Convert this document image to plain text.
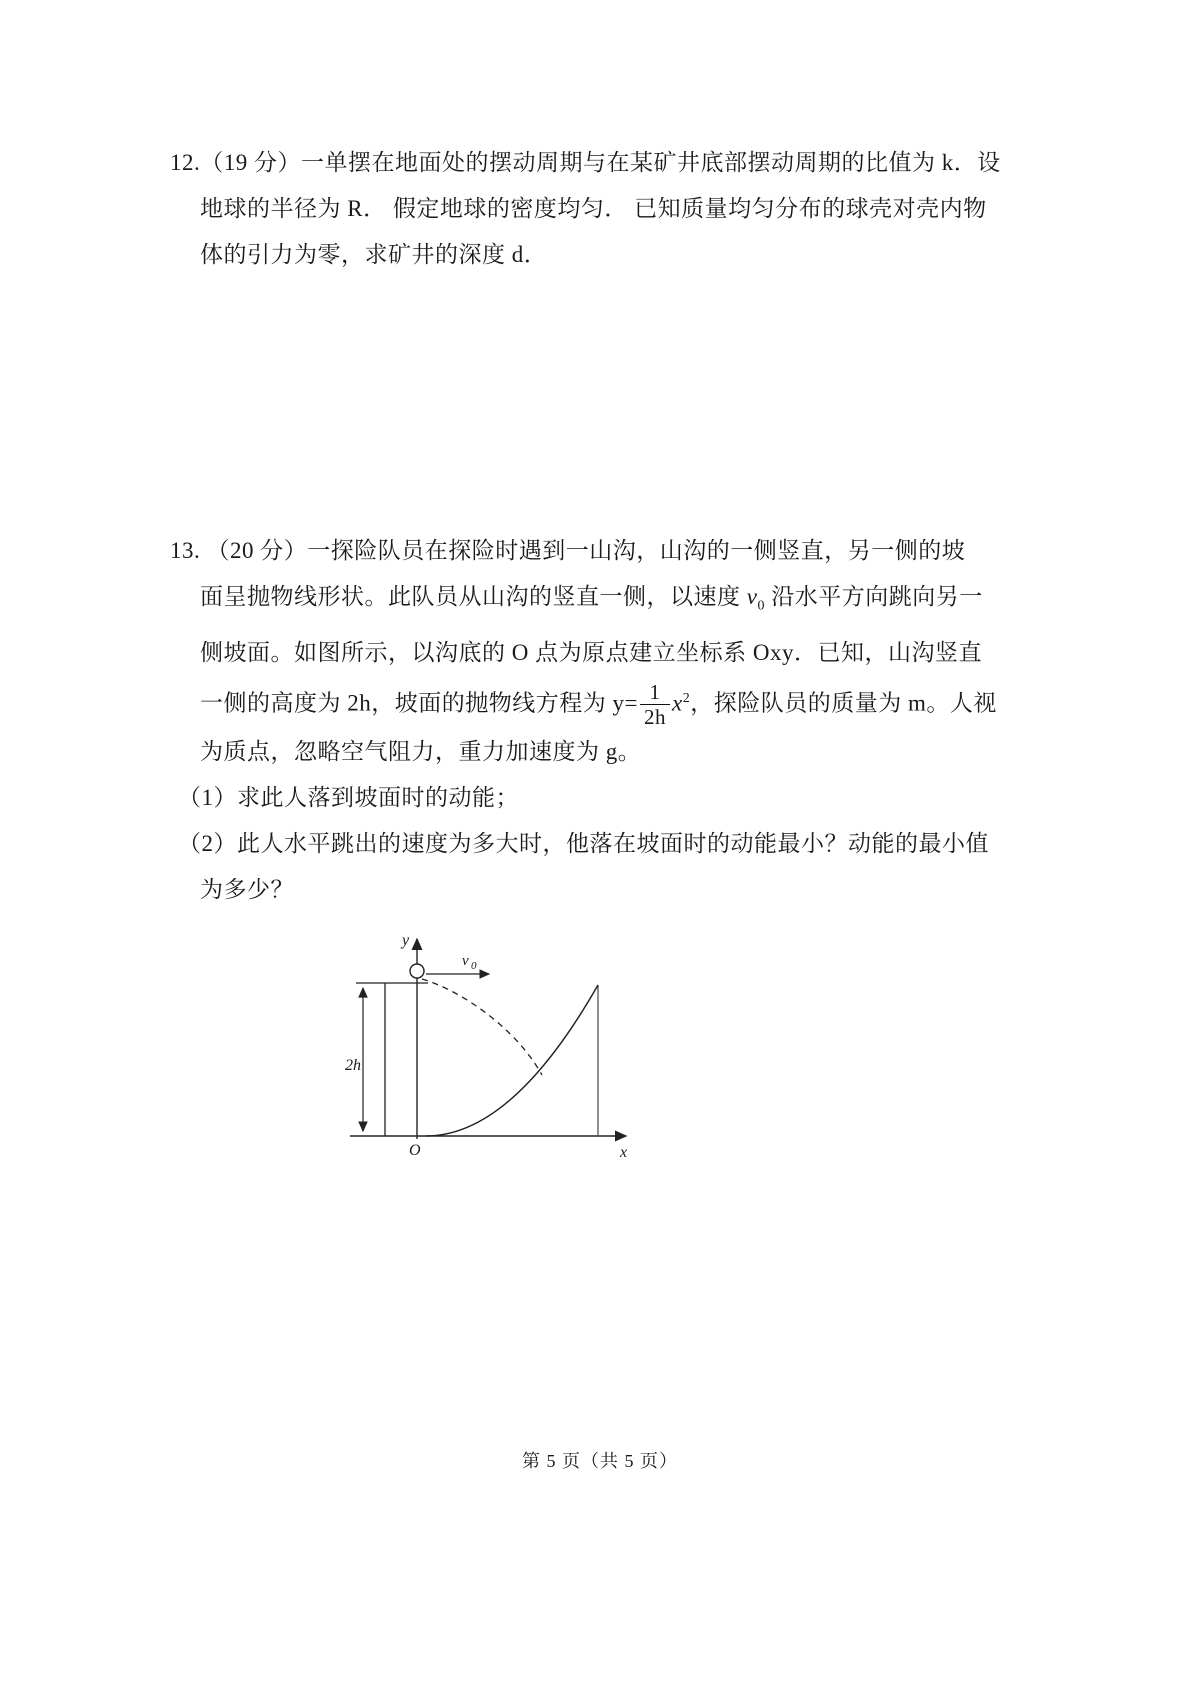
12.（19 分）一单摆在地面处的摆动周期与在某矿井底部摆动周期的比值为 k．设
地球的半径为 R． 假定地球的密度均匀． 已知质量均匀分布的球壳对壳内物
体的引力为零，求矿井的深度 d．
13. （20 分）一探险队员在探险时遇到一山沟，山沟的一侧竖直，另一侧的坡
面呈抛物线形状。此队员从山沟的竖直一侧，以速度 $v_0$ 沿水平方向跳向另一
侧坡面。如图所示，以沟底的 O 点为原点建立坐标系 Oxy．已知，山沟竖直
一侧的高度为 2h，坡面的抛物线方程为 $y= \frac{1}{2h} x^2$，探险队员的质量为 m。人视
为质点，忽略空气阻力，重力加速度为 g。
（1）求此人落到坡面时的动能；
（2）此人水平跳出的速度为多大时，他落在坡面时的动能最小？动能的最小值
为多少？
y
x
O
2h
v 0
第 5 页（共 5 页）
